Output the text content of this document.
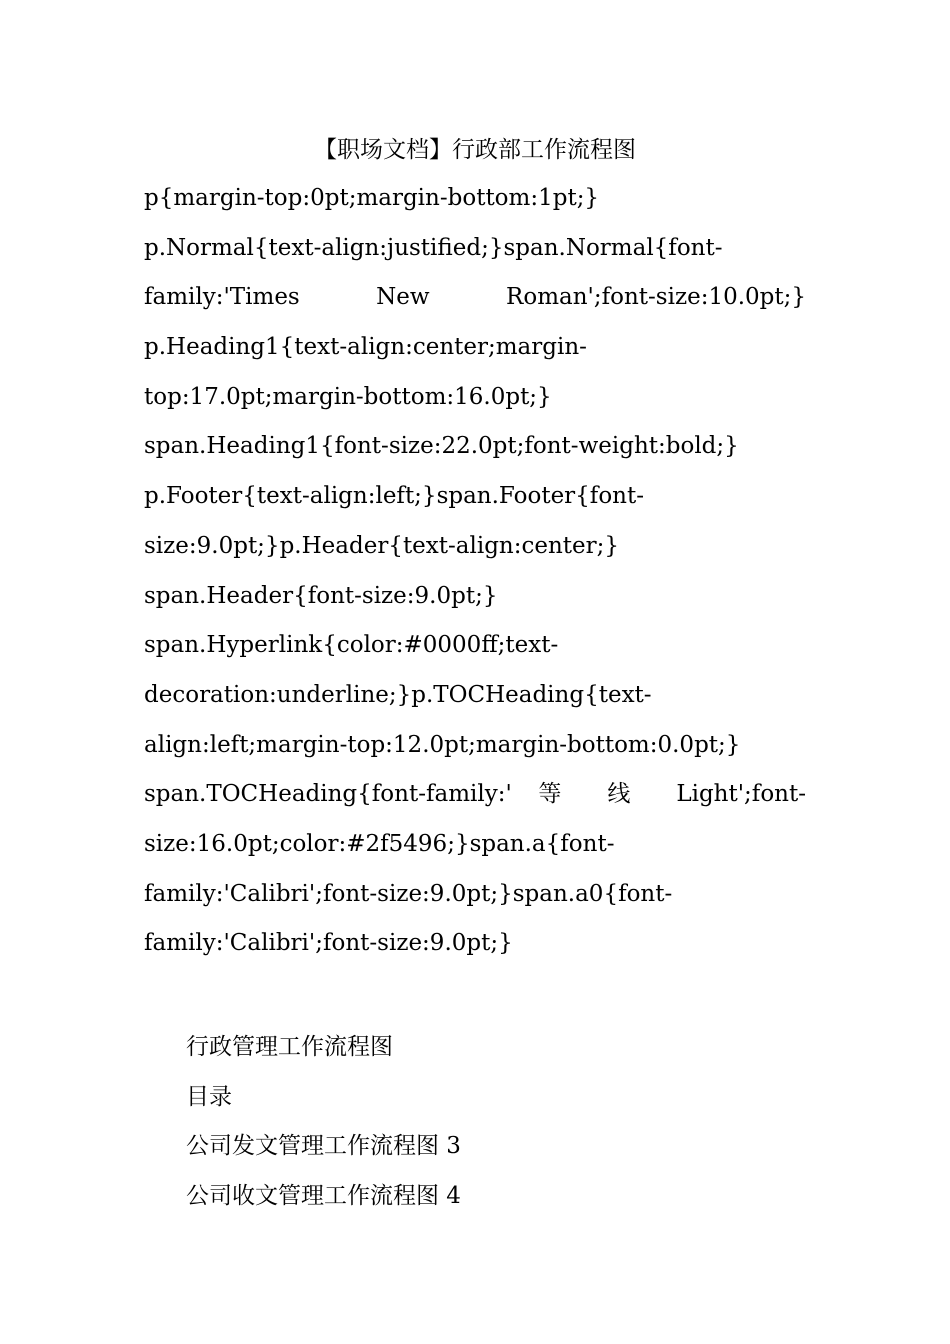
【职场文档】行政部工作流程图

p{margin-top:0pt;margin-bottom:1pt;}
p.Normal{text-align:justified;}span.Normal{font-
family:'Times New Roman';font-size:10.0pt;}
p.Heading1{text-align:center;margin-
top:17.0pt;margin-bottom:16.0pt;}
span.Heading1{font-size:22.0pt;font-weight:bold;}
p.Footer{text-align:left;}span.Footer{font-
size:9.0pt;}p.Header{text-align:center;}
span.Header{font-size:9.0pt;}
span.Hyperlink{color:#0000ff;text-
decoration:underline;}p.TOCHeading{text-
align:left;margin-top:12.0pt;margin-bottom:0.0pt;}
span.TOCHeading{font-family:' 等 线 Light';font-
size:16.0pt;color:#2f5496;}span.a{font-
family:'Calibri';font-size:9.0pt;}span.a0{font-
family:'Calibri';font-size:9.0pt;}
行政管理工作流程图
目录
公司发文管理工作流程图 3
公司收文管理工作流程图 4
